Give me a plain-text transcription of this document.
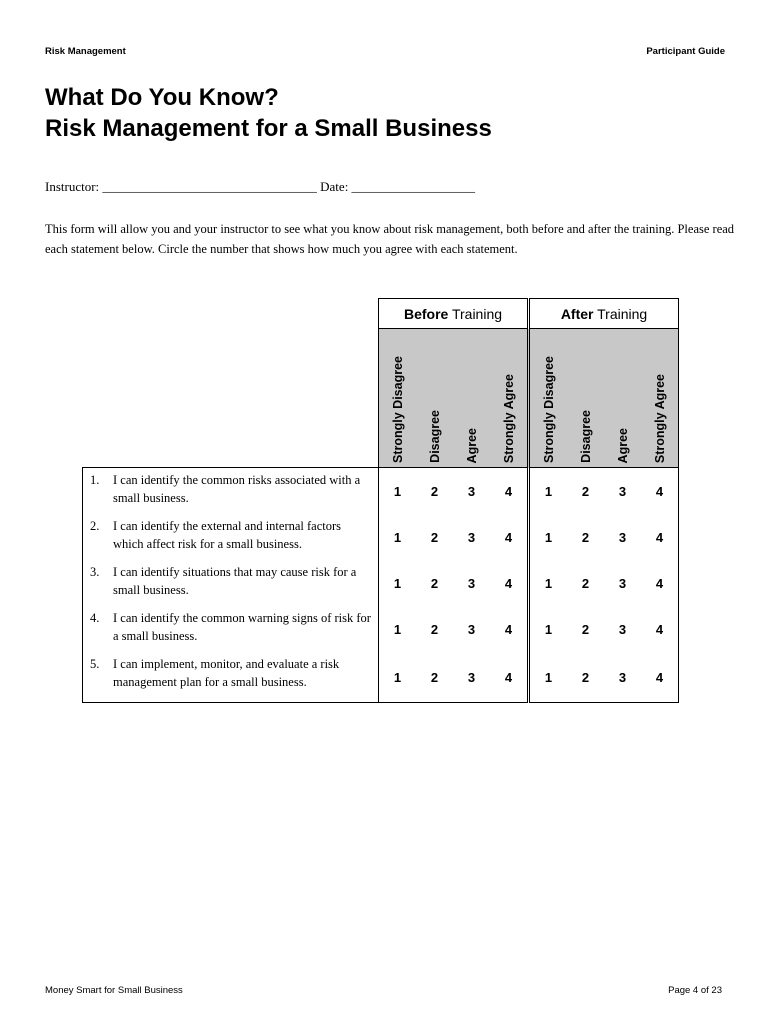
Risk Management	Participant Guide
What Do You Know?
Risk Management for a Small Business
Instructor: _________________________________ Date: ___________________
This form will allow you and your instructor to see what you know about risk management, both before and after the training. Please read each statement below. Circle the number that shows how much you agree with each statement.
	Before Training				After Training			

	Strongly Disagree	Disagree	Agree	Strongly Agree	Strongly Disagree	Disagree	Agree	Strongly Agree

1. I can identify the common risks associated with a small business.	1	2	3	4	1	2	3	4

2. I can identify the external and internal factors which affect risk for a small business.	1	2	3	4	1	2	3	4

3. I can identify situations that may cause risk for a small business.	1	2	3	4	1	2	3	4

4. I can identify the common warning signs of risk for a small business.	1	2	3	4	1	2	3	4

5. I can implement, monitor, and evaluate a risk management plan for a small business.	1	2	3	4	1	2	3	4
Money Smart for Small Business	Page 4 of 23
